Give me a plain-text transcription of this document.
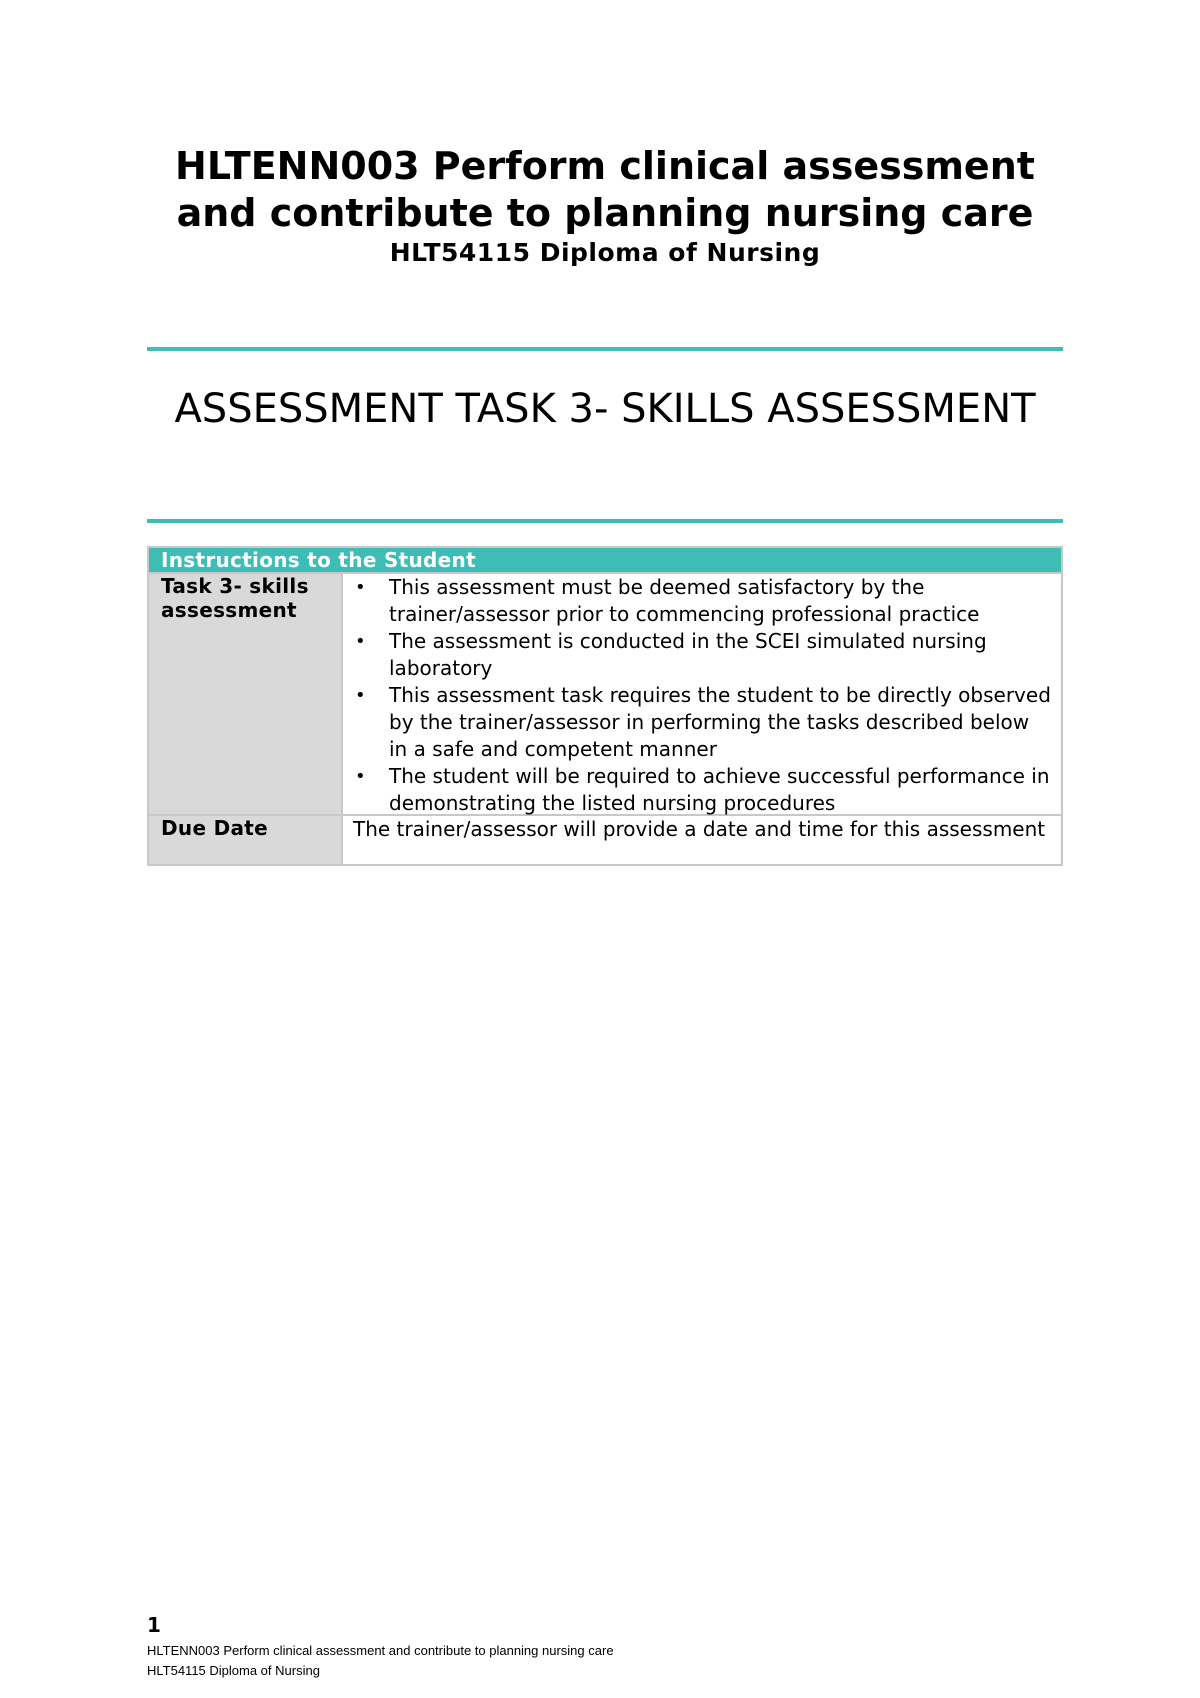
HLTENN003 Perform clinical assessment and contribute to planning nursing care
HLT54115 Diploma of Nursing
ASSESSMENT TASK 3- SKILLS ASSESSMENT
Instructions to the Student
Task 3- skills assessment
• This assessment must be deemed satisfactory by the trainer/assessor prior to commencing professional practice
• The assessment is conducted in the SCEI simulated nursing laboratory
• This assessment task requires the student to be directly observed by the trainer/assessor in performing the tasks described below in a safe and competent manner
• The student will be required to achieve successful performance in demonstrating the listed nursing procedures
Due Date	The trainer/assessor will provide a date and time for this assessment
1
HLTENN003 Perform clinical assessment and contribute to planning nursing care
HLT54115 Diploma of Nursing
